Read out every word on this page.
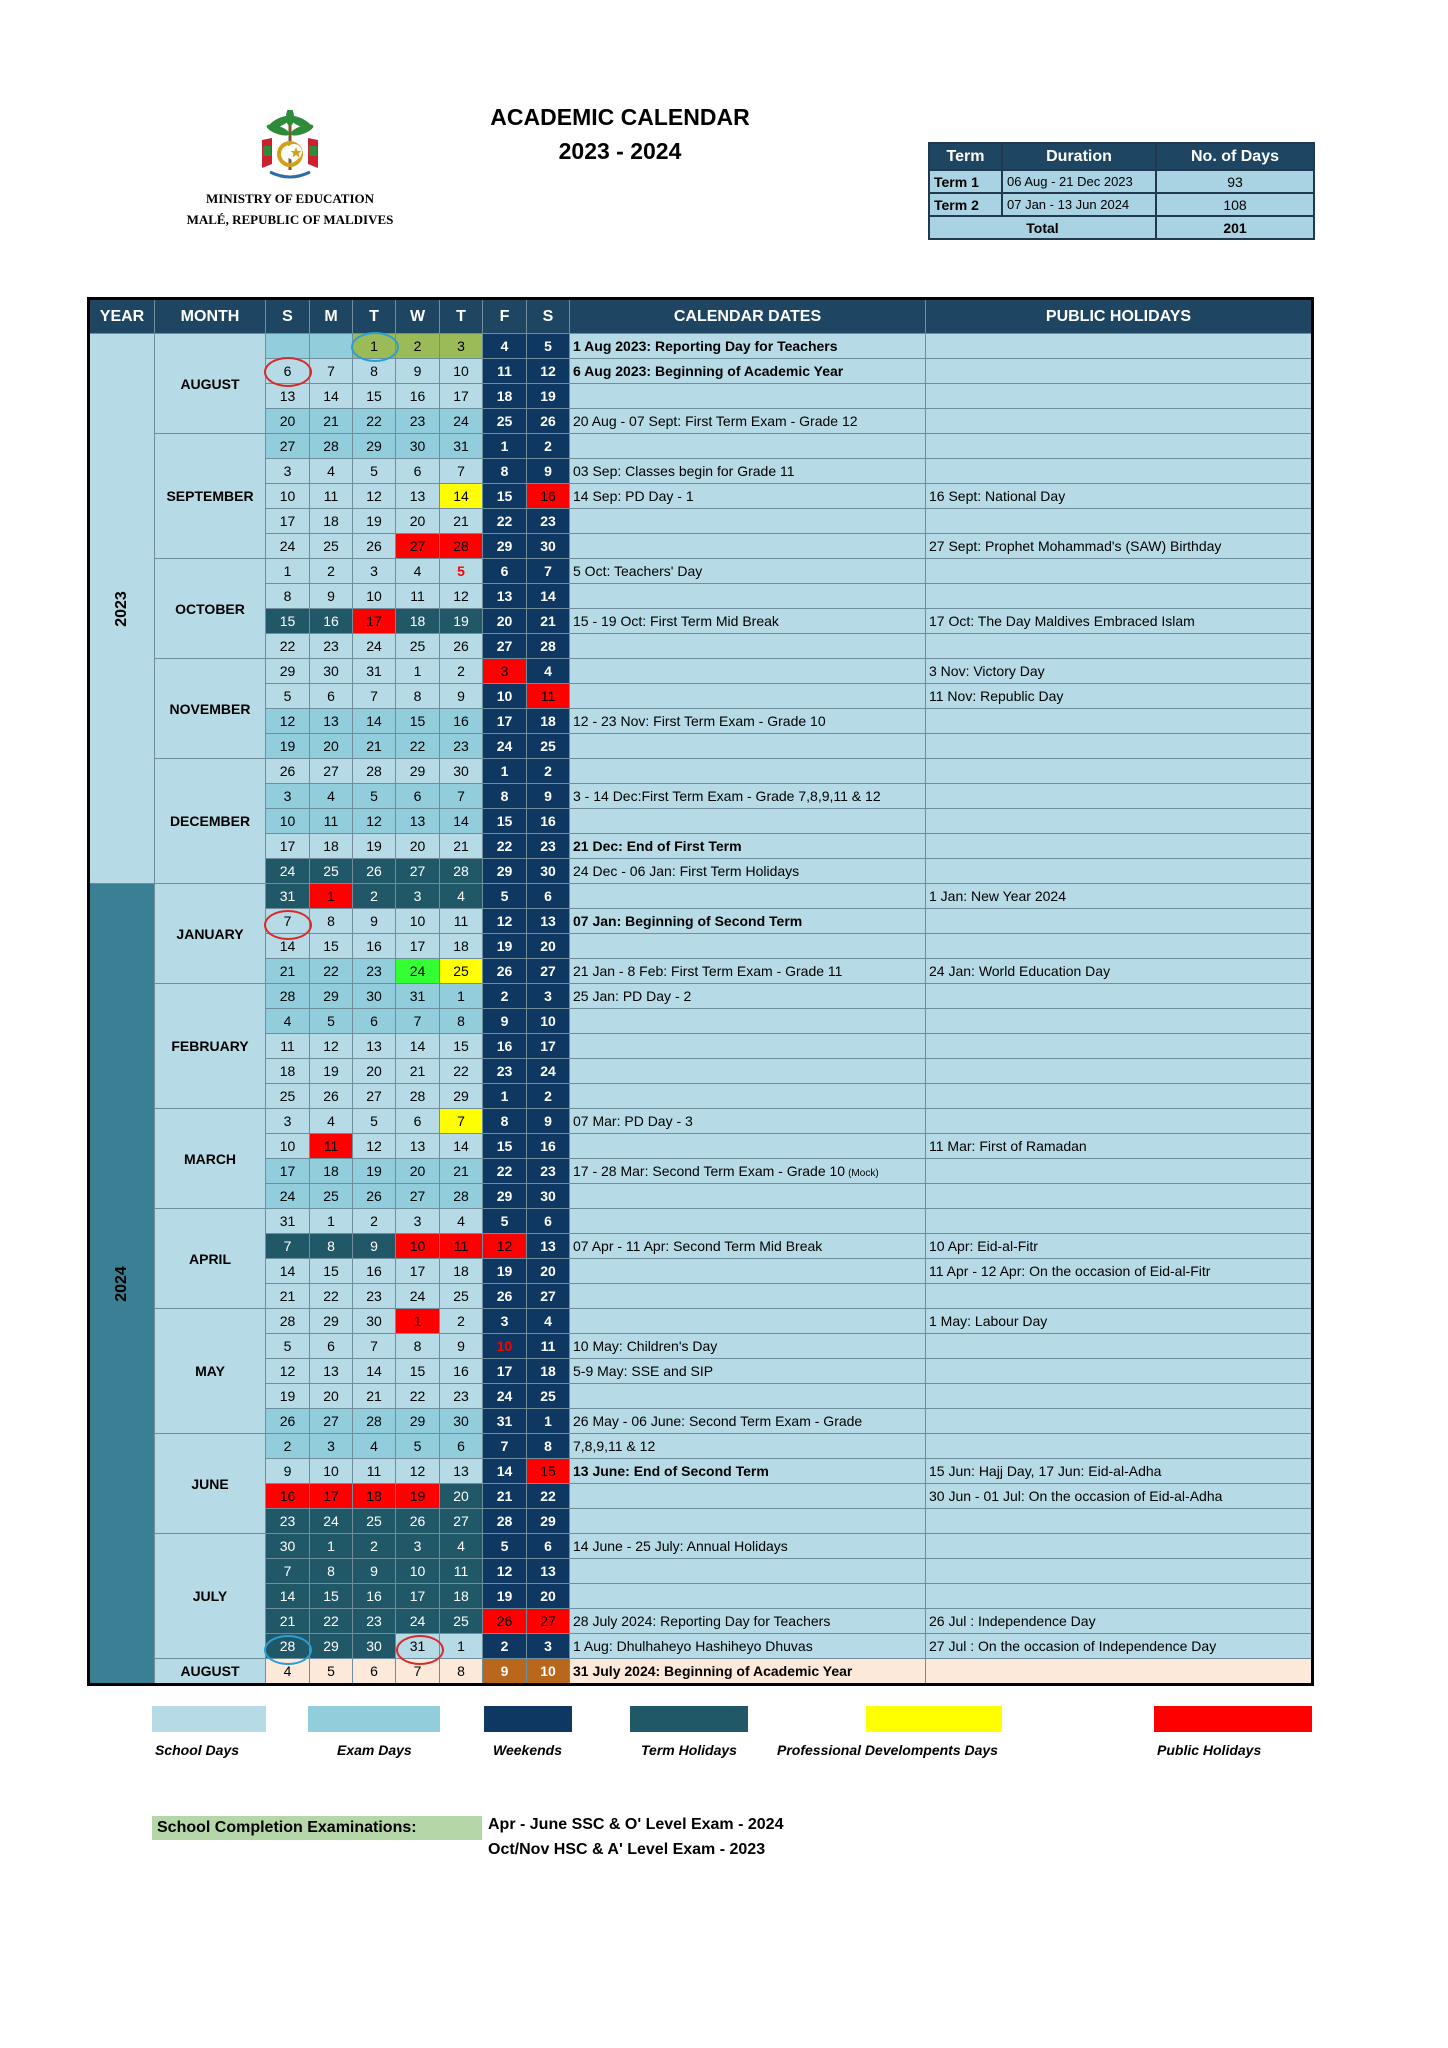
MINISTRY OF EDUCATION
MALÉ, REPUBLIC OF MALDIVES
ACADEMIC CALENDAR
2023 - 2024	Term	Duration	No. of Days
Term 1	06 Aug - 21 Dec 2023	93
Term 2	07 Jan - 13 Jun 2024	108
Total		201
YEAR	MONTH	S	M	T	W	T	F	S	CALENDAR DATES	PUBLIC HOLIDAYS
2023	AUGUST			1	2	3	4	5	1 Aug 2023: Reporting Day for Teachers	
		6	7	8	9	10	11	12	6 Aug 2023: Beginning of Academic Year	
		13	14	15	16	17	18	19		
		20	21	22	23	24	25	26	20 Aug - 07 Sept: First Term Exam - Grade 12	
	SEPTEMBER	27	28	29	30	31	1	2		
		3	4	5	6	7	8	9	03 Sep: Classes begin for Grade 11	
		10	11	12	13	14	15	16	14 Sep: PD Day - 1	16 Sept: National Day
		17	18	19	20	21	22	23		
		24	25	26	27	28	29	30		27 Sept: Prophet Mohammad's (SAW) Birthday
	OCTOBER	1	2	3	4	5	6	7	5 Oct: Teachers' Day	
		8	9	10	11	12	13	14		
		15	16	17	18	19	20	21	15 - 19 Oct: First Term Mid Break	17 Oct: The Day Maldives Embraced Islam
		22	23	24	25	26	27	28		
	NOVEMBER	29	30	31	1	2	3	4		3 Nov: Victory Day
		5	6	7	8	9	10	11		11 Nov: Republic Day
		12	13	14	15	16	17	18	12 - 23 Nov: First Term Exam - Grade 10	
		19	20	21	22	23	24	25		
	DECEMBER	26	27	28	29	30	1	2		
		3	4	5	6	7	8	9	3 - 14 Dec:First Term Exam - Grade 7,8,9,11 & 12	
		10	11	12	13	14	15	16		
		17	18	19	20	21	22	23	21 Dec: End of First Term	
		24	25	26	27	28	29	30	24 Dec - 06 Jan: First Term Holidays	
2024	JANUARY	31	1	2	3	4	5	6		1 Jan: New Year 2024
		7	8	9	10	11	12	13	07 Jan: Beginning of Second Term	
		14	15	16	17	18	19	20		
		21	22	23	24	25	26	27	21 Jan - 8 Feb: First Term Exam - Grade 11	24 Jan: World Education Day
	FEBRUARY	28	29	30	31	1	2	3	25 Jan: PD Day - 2	
		4	5	6	7	8	9	10		
		11	12	13	14	15	16	17		
		18	19	20	21	22	23	24		
		25	26	27	28	29	1	2		
	MARCH	3	4	5	6	7	8	9	07 Mar: PD Day - 3	
		10	11	12	13	14	15	16		11 Mar: First of Ramadan
		17	18	19	20	21	22	23	17 - 28 Mar: Second Term Exam - Grade 10 (Mock)	
		24	25	26	27	28	29	30		
	APRIL	31	1	2	3	4	5	6		
		7	8	9	10	11	12	13	07 Apr - 11 Apr: Second Term Mid Break	10 Apr: Eid-al-Fitr
		14	15	16	17	18	19	20		11 Apr - 12 Apr: On the occasion of Eid-al-Fitr
		21	22	23	24	25	26	27		
	MAY	28	29	30	1	2	3	4		1 May: Labour Day
		5	6	7	8	9	10	11	10 May: Children's Day	
		12	13	14	15	16	17	18	5-9 May: SSE and SIP	
		19	20	21	22	23	24	25		
		26	27	28	29	30	31	1	26 May - 06 June: Second Term Exam - Grade	
	JUNE	2	3	4	5	6	7	8	7,8,9,11 & 12	
		9	10	11	12	13	14	15	13 June: End of Second Term	15 Jun: Hajj Day, 17 Jun: Eid-al-Adha
		16	17	18	19	20	21	22		30 Jun - 01 Jul: On the occasion of Eid-al-Adha
		23	24	25	26	27	28	29		
	JULY	30	1	2	3	4	5	6	14 June - 25 July: Annual Holidays	
		7	8	9	10	11	12	13		
		14	15	16	17	18	19	20		
		21	22	23	24	25	26	27	28 July 2024: Reporting Day for Teachers	26 Jul : Independence Day
		28	29	30	31	1	2	3	1 Aug: Dhulhaheyo Hashiheyo Dhuvas	27 Jul : On the occasion of Independence Day
	AUGUST	4	5	6	7	8	9	10	31 July 2024: Beginning of Academic Year	
School Days	Exam Days	Weekends	Term Holidays	Professional Develompents Days	Public Holidays
School Completion Examinations:	Apr - June SSC & O' Level Exam - 2024
Oct/Nov HSC & A' Level Exam - 2023
